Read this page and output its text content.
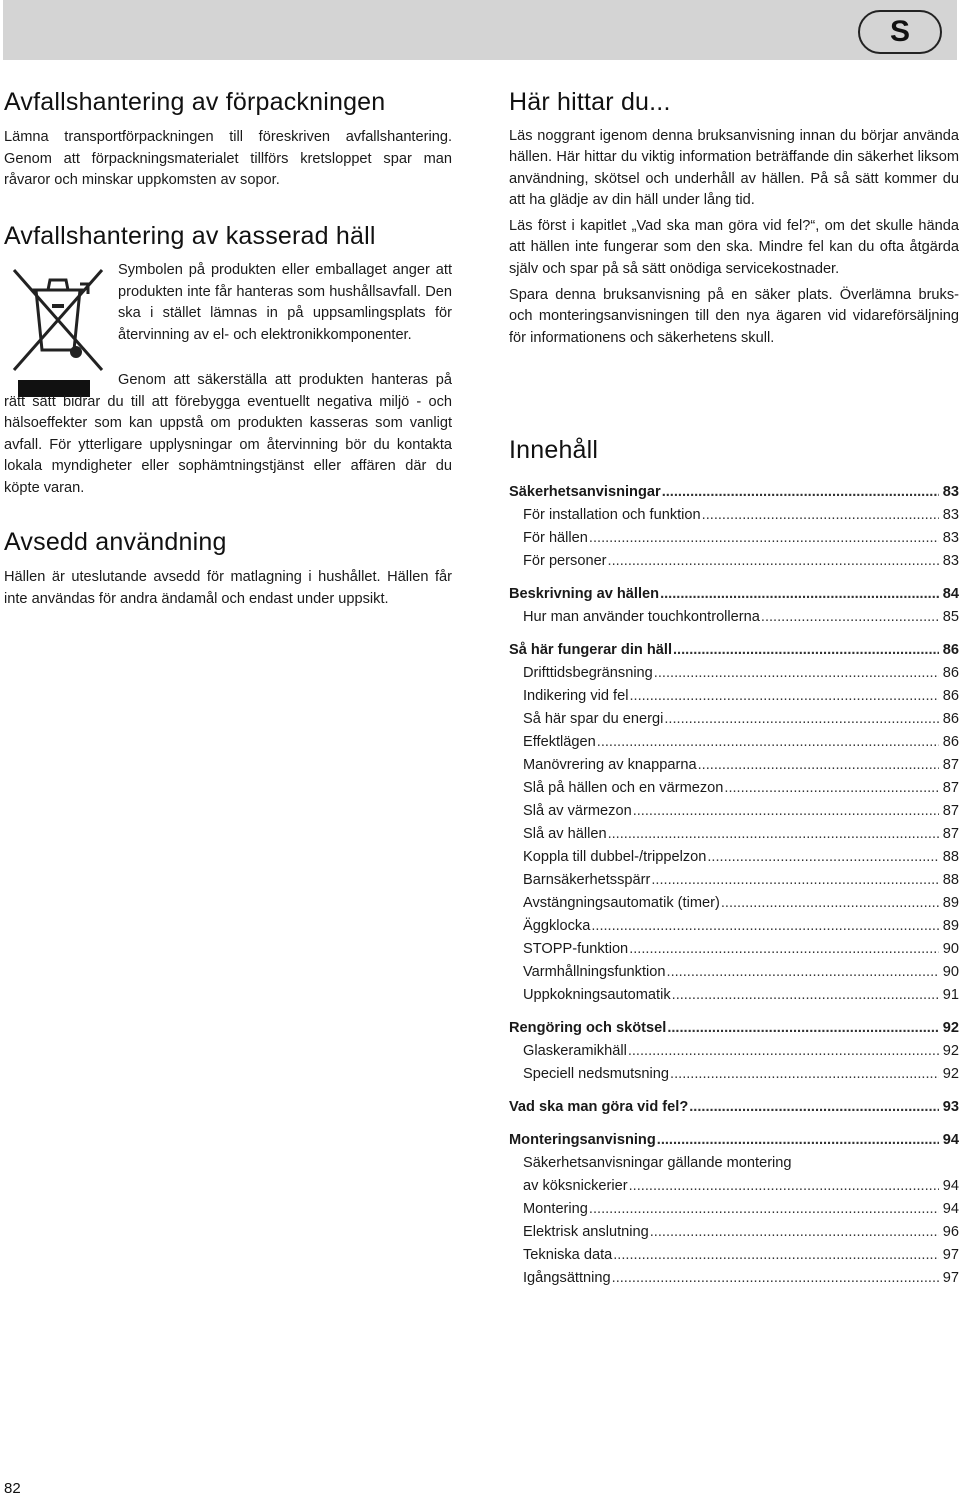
S
Avfallshantering av förpackningen

Lämna transportförpackningen till föreskriven avfallshantering. Genom att förpackningsmaterialet tillförs kretsloppet spar man råvaror och minskar uppkomsten av sopor.

Avfallshantering av kasserad häll

Symbolen på produkten eller emballaget anger att produkten inte får hanteras som hushållsavfall. Den ska i stället lämnas in på uppsamlingsplats för återvinning av el- och elektronikkomponenter.

Genom att säkerställa att produkten hanteras på rätt sätt bidrar du till att förebygga eventuellt negativa miljö - och hälsoeffekter som kan uppstå om produkten kasseras som vanligt avfall. För ytterligare upplysningar om återvinning bör du kontakta lokala myndigheter eller sophämtningstjänst eller affären där du köpte varan.

Avsedd användning

Hällen är uteslutande avsedd för matlagning i hushållet. Hällen får inte användas för andra ändamål och endast under uppsikt.

Här hittar du...

Läs noggrant igenom denna bruksanvisning innan du börjar använda hällen. Här hittar du viktig information beträffande din säkerhet liksom användning, skötsel och underhåll av hällen. På så sätt kommer du att ha glädje av din häll under lång tid.

Läs först i kapitlet „Vad ska man göra vid fel?“, om det skulle hända att hällen inte fungerar som den ska. Mindre fel kan du ofta åtgärda själv och spar på så sätt onödiga servicekostnader.

Spara denna bruksanvisning på en säker plats. Överlämna bruks- och monteringsanvisningen till den nya ägaren vid vidareförsäljning för informationens och säkerhetens skull.

Innehåll
Säkerhetsanvisningar .....	83
För installation och funktion .....	83
För hällen .....	83
För personer .....	83
Beskrivning av hällen .....	84
Hur man använder touchkontrollerna .....	85
Så här fungerar din häll .....	86
Drifttidsbegränsning .....	86
Indikering vid fel .....	86
Så här spar du energi .....	86
Effektlägen .....	86
Manövrering av knapparna .....	87
Slå på hällen och en värmezon .....	87
Slå av värmezon .....	87
Slå av hällen .....	87
Koppla till dubbel-/trippelzon .....	88
Barnsäkerhetsspärr .....	88
Avstängningsautomatik (timer) .....	89
Äggklocka .....	89
STOPP-funktion .....	90
Varmhållningsfunktion .....	90
Uppkokningsautomatik .....	91
Rengöring och skötsel .....	92
Glaskeramikhäll .....	92
Speciell nedsmutsning .....	92
Vad ska man göra vid fel? .....	93
Monteringsanvisning .....	94
Säkerhetsanvisningar gällande montering
av köksnickerier .....	94
Montering .....	94
Elektrisk anslutning .....	96
Tekniska data .....	97
Igångsättning .....	97
82
